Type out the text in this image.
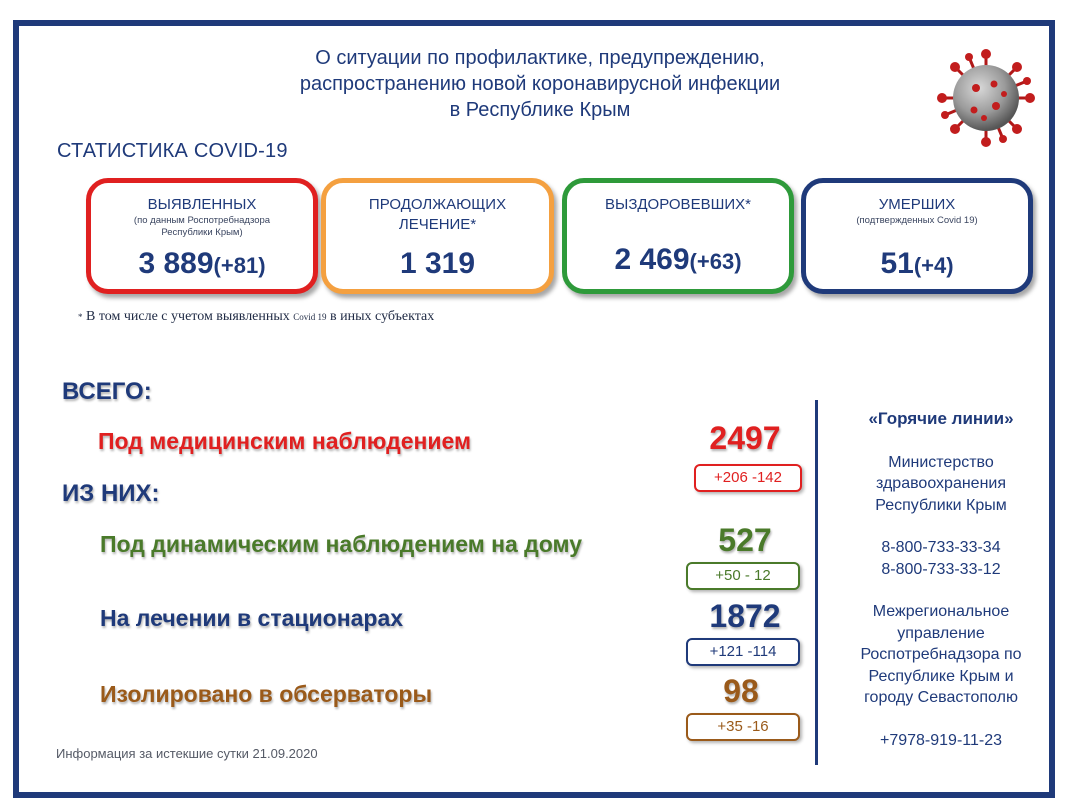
О ситуации по профилактике, предупреждению,
распространению новой коронавирусной инфекции
в Республике Крым
СТАТИСТИКА COVID-19
ВЫЯВЛЕННЫХ
(по данным Роспотребнадзора Республики Крым)
3 889(+81)
ПРОДОЛЖАЮЩИХ ЛЕЧЕНИЕ*
1 319
ВЫЗДОРОВЕВШИХ*
2 469(+63)
УМЕРШИХ
(подтвержденных Covid 19)
51(+4)
* В том числе с учетом выявленных Covid 19 в иных субъектах
ВСЕГО:
ИЗ НИХ:
Под медицинским наблюдением	2497
+206 -142
Под динамическим наблюдением на дому	527
+50 - 12
На лечении в стационарах	1872
+121 -114
Изолировано в обсерваторы	98
+35 -16
«Горячие линии»
Министерство
здравоохранения
Республики Крым
8-800-733-33-34
8-800-733-33-12
Межрегиональное
управление
Роспотребнадзора по
Республике Крым и
городу Севастополю
+7978-919-11-23
Информация за истекшие сутки 21.09.2020
